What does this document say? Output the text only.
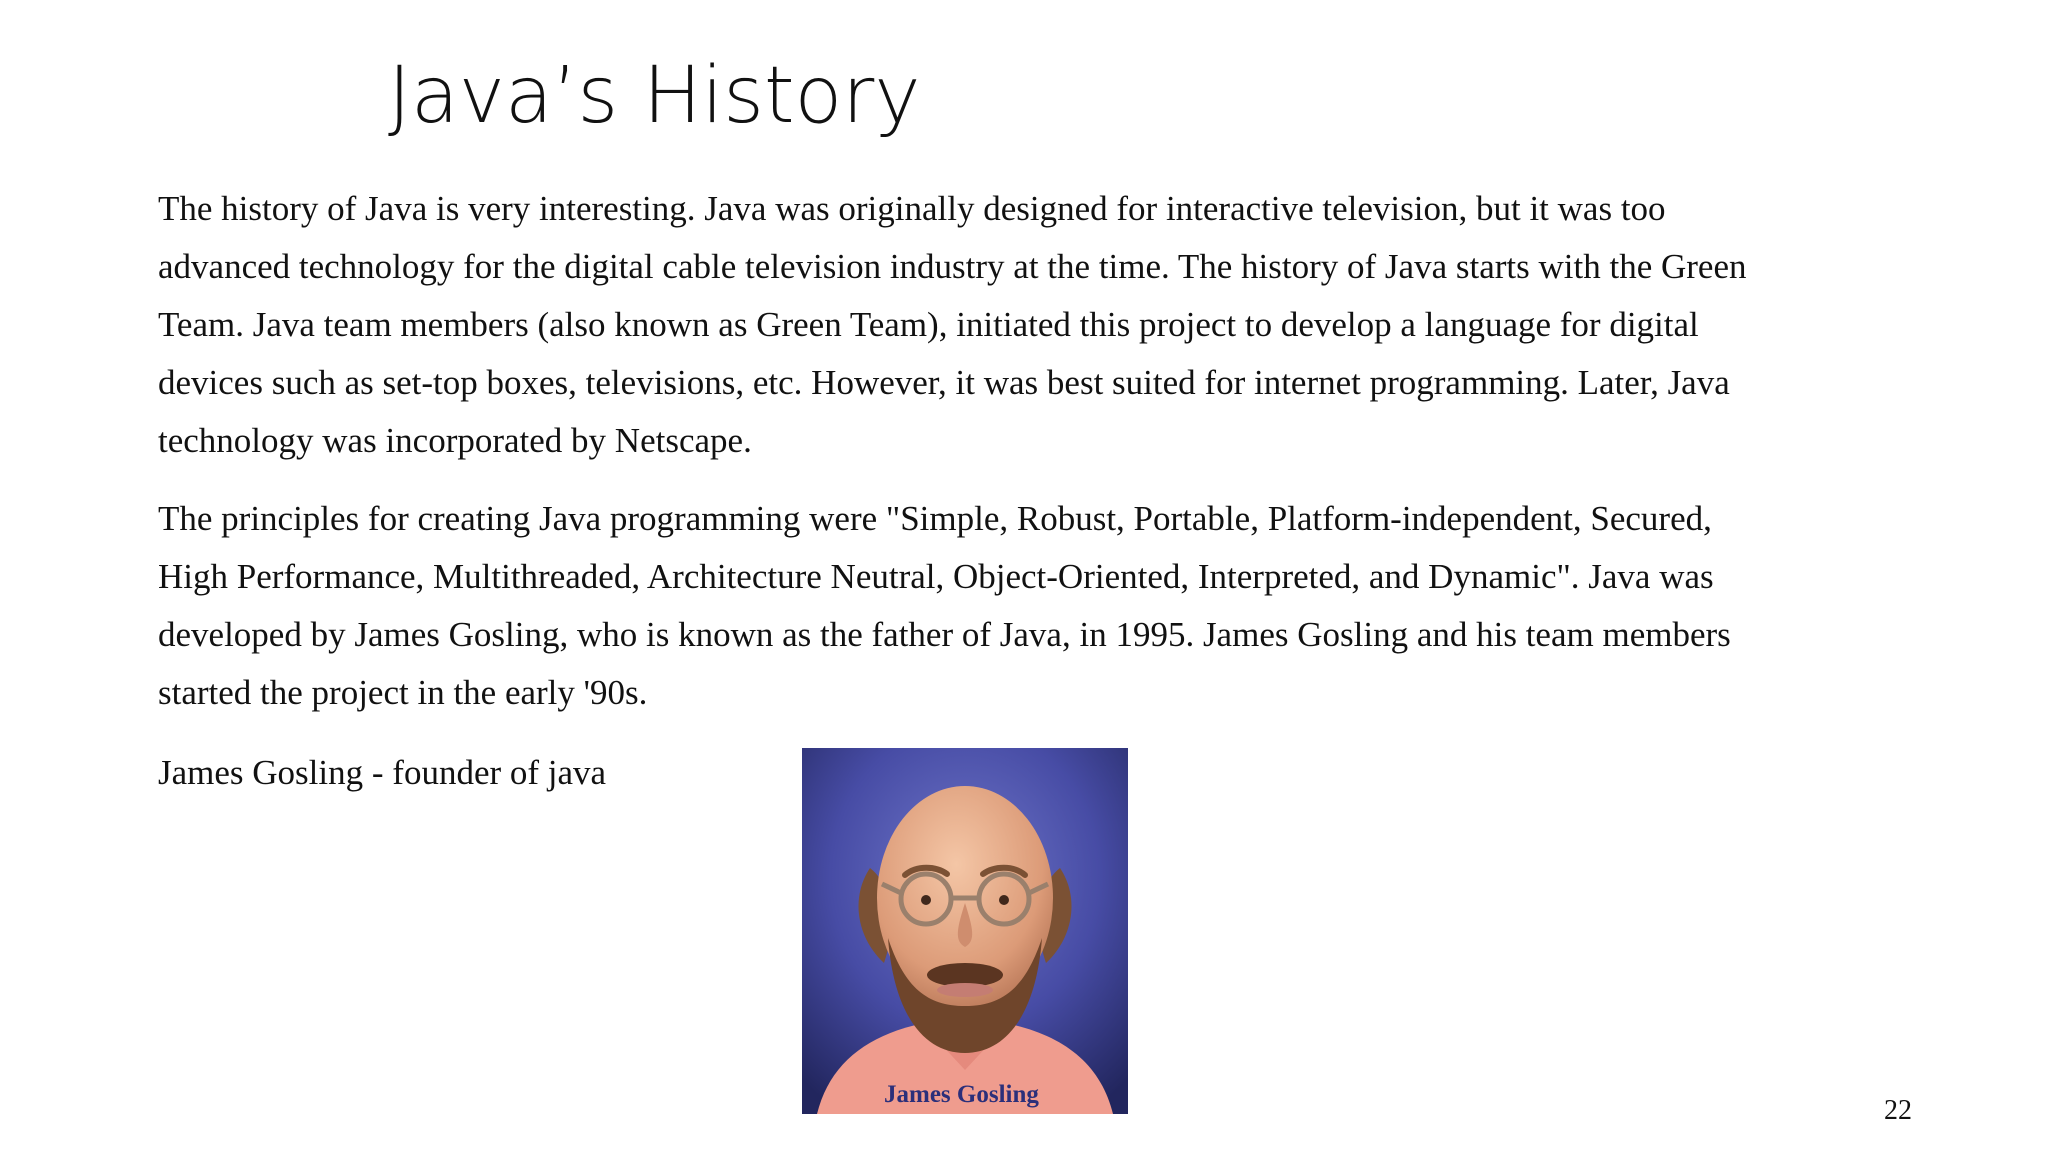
Java’s History

The history of Java is very interesting. Java was originally designed for interactive television, but it was too advanced technology for the digital cable television industry at the time. The history of Java starts with the Green Team. Java team members (also known as Green Team), initiated this project to develop a language for digital devices such as set-top boxes, televisions, etc. However, it was best suited for internet programming. Later, Java technology was incorporated by Netscape.

The principles for creating Java programming were "Simple, Robust, Portable, Platform-independent, Secured, High Performance, Multithreaded, Architecture Neutral, Object-Oriented, Interpreted, and Dynamic". Java was developed by James Gosling, who is known as the father of Java, in 1995. James Gosling and his team members started the project in the early '90s.

James Gosling - founder of java

James Gosling
22
